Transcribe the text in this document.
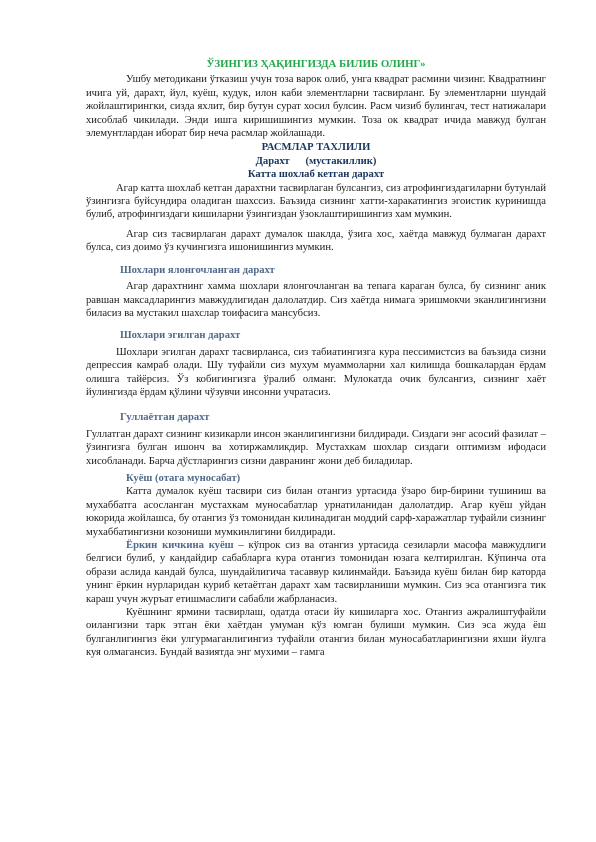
ЎЗИНГИЗ ҲАҚИНГИЗДА БИЛИБ ОЛИНГ»

Ушбу методикани ўтказиш учун тоза варок олиб, унга квадрат расмини чизинг. Квадратнинг ичига уй, дарахт, йул, куёш, кудук, илон каби элементларни тасвирланг. Бу элементларни шундай жойлаштирингки, сизда яхлит, бир бутун сурат хосил булсин. Расм чизиб булингач, тест натижалари хисоблаб чикилади. Энди ишга киришишингиз мумкин. Тоза ок квадрат ичида мавжуд булган элемунтлардан иборат бир неча расмлар жойлашади.

РАСМЛАР ТАХЛИЛИ

Дарахт      (мустакиллик)

Катта шохлаб кетган дарахт

Агар катта шохлаб кетган дарахтни тасвирлаган булсангиз, сиз атрофингиздагиларни бутунлай ўзингизга буйсундира оладиган шахссиз. Баъзида сизнинг хатти-харакатингиз эгоистик куринишда булиб, атрофингиздаги кишиларни ўзингиздан ўзоклаштиришингиз хам мумкин.

Агар сиз тасвирлаган дарахт думалок шаклда, ўзига хос, хаётда мавжуд булмаган дарахт булса, сиз доимо ўз кучингизга ишонишингиз мумкин.

Шохлари ялонгочланган дарахт

Агар дарахтнинг хамма шохлари ялонгочланган ва тепага караган булса, бу сизнинг аник равшан максадларингиз мавжудлигидан далолатдир. Сиз хаётда нимага эришмокчи эканлигингизни биласиз ва мустакил шахслар тоифасига мансубсиз.

Шохлари эгилган дарахт

Шохлари эгилган дарахт тасвирланса, сиз табиатингизга кура пессимистсиз ва баъзида сизни депрессия камраб олади. Шу туфайли сиз мухум муаммоларни хал килишда бошкалардан ёрдам олишга тайёрсиз. Ўз кобигингизга ўралиб олманг. Мулокатда очик булсангиз, сизнинг хаёт йулингизда ёрдам қўлини чўзувчи инсонни учратасиз.

Гуллаётган дарахт

Гуллатган дарахт сизнинг кизикарли инсон эканлигингизни билдиради. Сиздаги энг асосий фазилат – ўзингизга булган ишонч ва хотиржамликдир. Мустахкам шохлар сиздаги оптимизм ифодаси хисобланади. Барча дўстларингиз сизни давранинг жони деб биладилар.

Куёш (отага муносабат)

Катта думалок куёш тасвири сиз билан отангиз уртасида ўзаро бир-бирини тушиниш ва мухаббатга асосланган мустахкам муносабатлар урнатиланидан далолатдир. Агар куёш уйдан юкорида жойлашса, бу отангиз ўз томонидан килинадиган моддий сарф-харажатлар туфайли сизнинг мухаббатингизни козониши мумкинлигини билдиради.

Ёркин кичкина куёш – кўпрок сиз ва отангиз уртасида сезиларли масофа мавжудлиги белгиси булиб, у кандайдир сабабларга кура отангиз томонидан юзага келтирилган. Кўпинча ота образи аслида кандай булса, шундайлигича тасаввур килинмайди. Баъзида куёш билан бир каторда унинг ёркин нурларидан куриб кетаётган дарахт хам тасвирланиши мумкин. Сиз эса отангизга тик караш учун журъат етишмаслиги сабабли жабрланасиз.

Куёшнинг ярмини тасвирлаш, одатда отаси йу кишиларга хос. Отангиз ажралиштуфайли оилангизни тарк этган ёки хаётдан умуман кўз юмган булиши мумкин. Сиз эса жуда ёш булганлигингиз ёки улгурмаганлигингиз туфайли отангиз билан муносабатларингизни яхши йулга куя олмагансиз. Бундай вазиятда энг мухими – гамга
